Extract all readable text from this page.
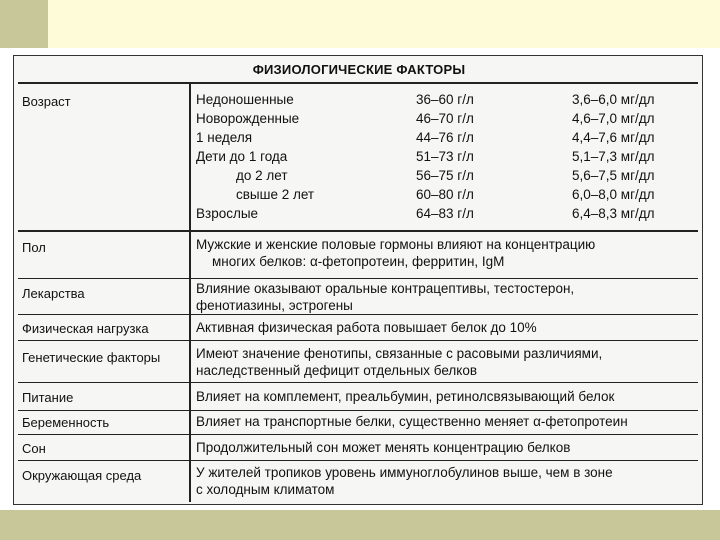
ФИЗИОЛОГИЧЕСКИЕ ФАКТОРЫ
Возраст	Недоношенные	36–60 г/л	3,6–6,0 мг/дл
Новорожденные	46–70 г/л	4,6–7,0 мг/дл
1 неделя	44–76 г/л	4,4–7,6 мг/дл
Дети до 1 года	51–73 г/л	5,1–7,3 мг/дл
до 2 лет	56–75 г/л	5,6–7,5 мг/дл
свыше 2 лет	60–80 г/л	6,0–8,0 мг/дл
Взрослые	64–83 г/л	6,4–8,3 мг/дл
Пол	Мужские и женские половые гормоны влияют на концентрацию
многих белков: α-фетопротеин, ферритин, IgM
Лекарства	Влияние оказывают оральные контрацептивы, тестостерон,
фенотиазины, эстрогены
Физическая нагрузка	Активная физическая работа повышает белок до 10%
Генетические факторы	Имеют значение фенотипы, связанные с расовыми различиями,
наследственный дефицит отдельных белков
Питание	Влияет на комплемент, преальбумин, ретинолсвязывающий белок
Беременность	Влияет на транспортные белки, существенно меняет α-фетопротеин
Сон	Продолжительный сон может менять концентрацию белков
Окружающая среда	У жителей тропиков уровень иммуноглобулинов выше, чем в зоне
с холодным климатом
